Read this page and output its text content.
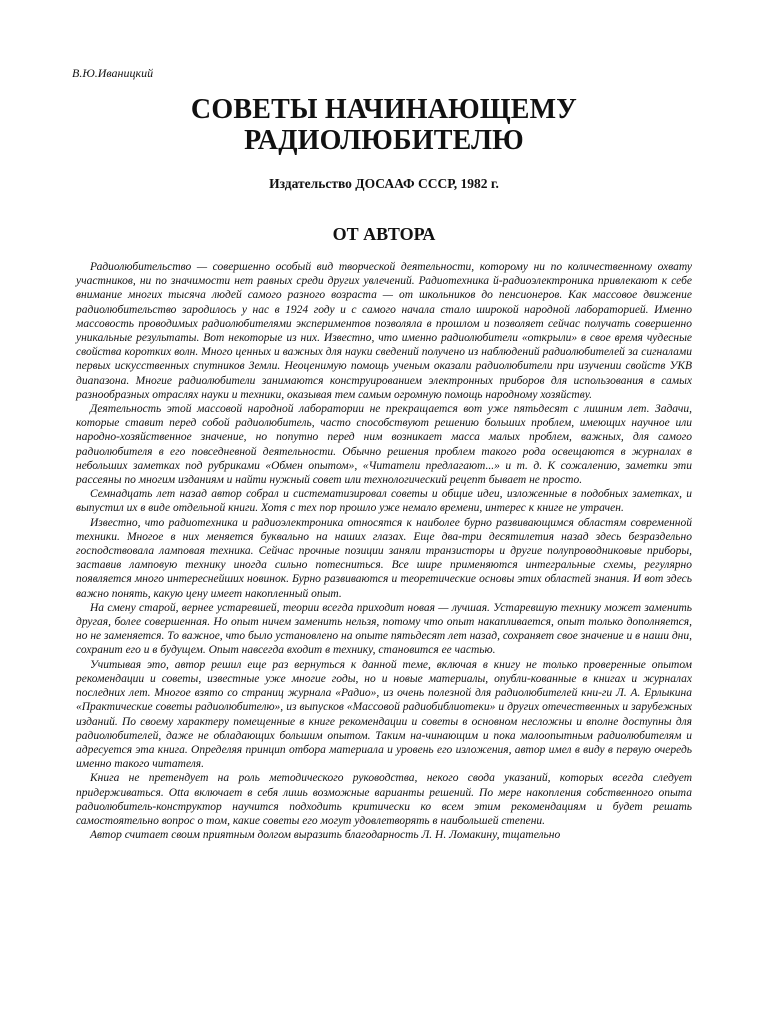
В.Ю.Иваницкий
СОВЕТЫ НАЧИНАЮЩЕМУ
РАДИОЛЮБИТЕЛЮ
Издательство ДОСААФ СССР, 1982 г.
ОТ АВТОРА

Радиолюбительство — совершенно особый вид творческой деятельности, которому ни по количественному охвату участников, ни по значимости нет равных среди других увлечений. Радиотехника й-радиоэлектроника привлекают к себе внимание многих тысяча людей самого разного возраста — от школьников до пенсионеров. Как массовое движение радиолюбительство зародилось у нас в 1924 году и с самого начала стало широкой народной лабораторией. Именно массовость проводимых радиолюбителями экспериментов позволяла в прошлом и позволяет сейчас получать совершенно уникальные результаты. Вот некоторые из них. Известно, что именно радиолюбители «открыли» в свое время чудесные свойства коротких волн. Много ценных и важных для науки сведений получено из наблюдений радиолюбителей за сигналами первых искусственных спутников Земли. Неоценимую помощь ученым оказали радиолюбители при изучении свойств УКВ диапазона. Многие радиолюбители занимаются конструированием электронных приборов для использования в самых разнообразных отраслях науки и техники, оказывая тем самым огромную помощь народному хозяйству.

Деятельность этой массовой народной лаборатории не прекращается вот уже пятьдесят с лишним лет. Задачи, которые ставит перед собой радиолюбитель, часто способствуют решению больших проблем, имеющих научное или народно-хозяйственное значение, но попутно перед ним возникает масса малых проблем, важных, для самого радиолюбителя в его повседневной деятельности. Обычно решения проблем такого рода освещаются в журналах в небольших заметках под рубриками «Обмен опытом», «Читатели предлагают...» и т. д. К сожалению, заметки эти рассеяны по многим изданиям и найти нужный совет или технологический рецепт бывает не просто.

Семнадцать лет назад автор собрал и систематизировал советы и общие идеи, изложенные в подобных заметках, и выпустил их в виде отдельной книги. Хотя с тех пор прошло уже немало времени, интерес к книге не утрачен.

Известно, что радиотехника и радиоэлектроника относятся к наиболее бурно развивающимся областям современной техники. Многое в них меняется буквально на наших глазах. Еще два-три десятилетия назад здесь безраздельно господствовала ламповая техника. Сейчас прочные позиции заняли транзисторы и другие полупроводниковые приборы, заставив ламповую технику иногда сильно потесниться. Все шире применяются интегральные схемы, регулярно появляется много интереснейших новинок. Бурно развиваются и теоретические основы этих областей знания. И вот здесь важно понять, какую цену имеет накопленный опыт.

На смену старой, вернее устаревшей, теории всегда приходит новая — лучшая. Устаревшую технику может заменить другая, более совершенная. Но опыт ничем заменить нельзя, потому что опыт накапливается, опыт только дополняется, но не заменяется. То важное, что было установлено на опыте пятьдесят лет назад, сохраняет свое значение и в наши дни, сохранит его и в будущем. Опыт навсегда входит в технику, становится ее частью.

Учитывая это, автор решил еще раз вернуться к данной теме, включая в книгу не только проверенные опытом рекомендации и советы, известные уже многие годы, но и новые материалы, опубли-кованные в книгах и журналах последних лет. Многое взято со страниц журнала «Радио», из очень полезной для радиолюбителей кни-ги Л. А. Ерлыкина «Практические советы радиолюбителю», из выпусков «Массовой радиобиблиотеки» и других отечественных и зарубежных изданий. По своему характеру помещенные в книге рекомендации и советы в основном несложны и вполне доступны для радиолюбителей, даже не обладающих большим опытом. Таким на-чинающим и пока малоопытным радиолюбителям и адресуется эта книга. Определяя принцип отбора материала и уровень его изложения, автор имел в виду в первую очередь именно такого читателя.

Книга не претендует на роль методического руководства, некого свода указаний, которых всегда следует придерживаться. Otta включает в себя лишь возможные варианты решений. По мере накопления собственного опыта радиолюбитель-конструктор научится подходить критически ко всем этим рекомендациям и будет решать самостоятельно вопрос о том, какие советы его могут удовлетворять в наибольшей степени.

Автор считает своим приятным долгом выразить благодарность Л. Н. Ломакину, тщательно
